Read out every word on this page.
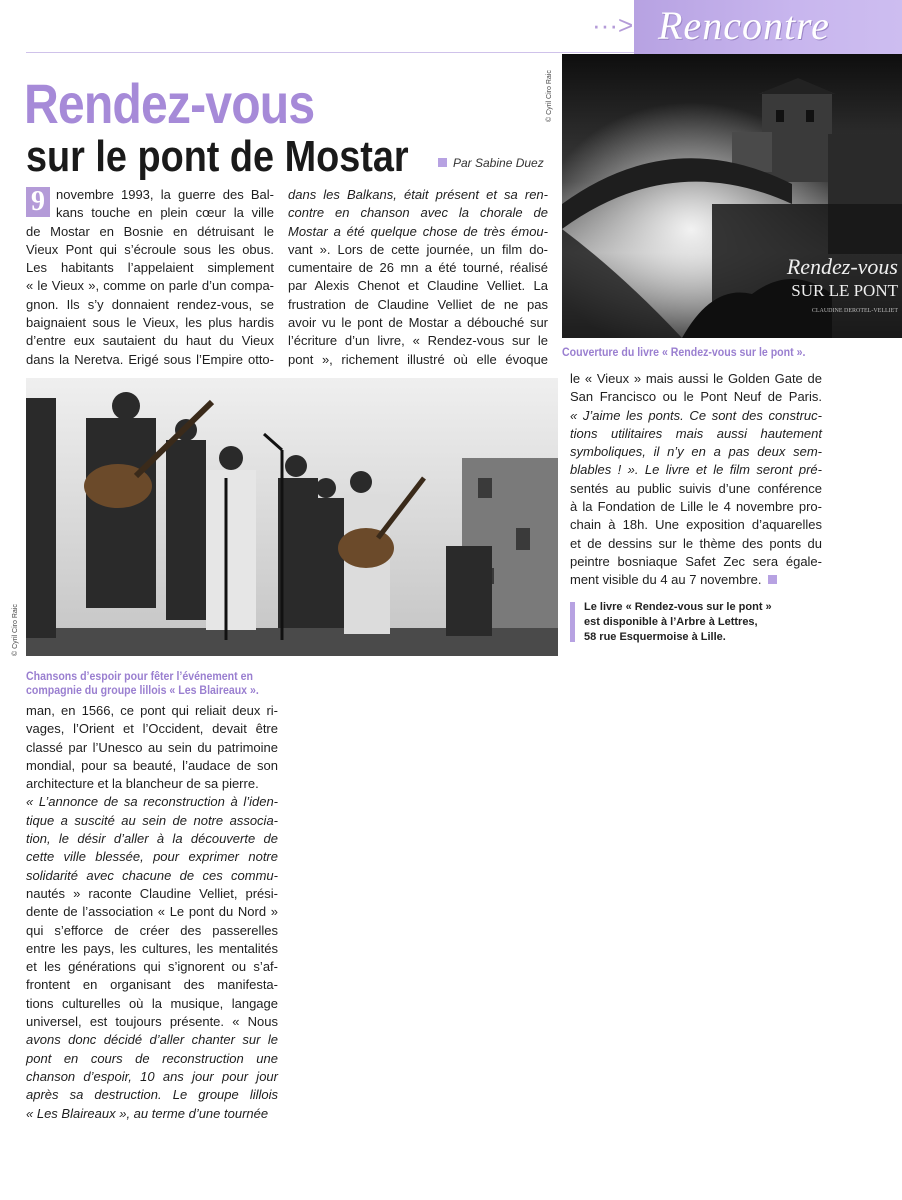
···> Rencontre
Rendez-vous
sur le pont de Mostar	Par Sabine Duez
9 novembre 1993, la guerre des Bal-
kans touche en plein cœur la ville
de Mostar en Bosnie en détruisant le
Vieux Pont qui s’écroule sous les obus.
Les habitants l’appelaient simplement
« le Vieux », comme on parle d’un compa-
gnon. Ils s’y donnaient rendez-vous, se
baignaient sous le Vieux, les plus hardis
d’entre eux sautaient du haut du Vieux
dans la Neretva. Erigé sous l’Empire otto-
dans les Balkans, était présent et sa ren-
contre en chanson avec la chorale de
Mostar a été quelque chose de très émou-
vant ». Lors de cette journée, un film do-
cumentaire de 26 mn a été tourné, réalisé
par Alexis Chenot et Claudine Velliet. La
frustration de Claudine Velliet de ne pas
avoir vu le pont de Mostar a débouché sur
l’écriture d’un livre, « Rendez-vous sur le
pont », richement illustré où elle évoque
man, en 1566, ce pont qui reliait deux ri-
vages, l’Orient et l’Occident, devait être
classé par l’Unesco au sein du patrimoine
mondial, pour sa beauté, l’audace de son
architecture et la blancheur de sa pierre.
« L’annonce de sa reconstruction à l’iden-
tique a suscité au sein de notre associa-
tion, le désir d’aller à la découverte de
cette ville blessée, pour exprimer notre
solidarité avec chacune de ces commu-
nautés » raconte Claudine Velliet, prési-
dente de l’association « Le pont du Nord »
qui s’efforce de créer des passerelles
entre les pays, les cultures, les mentalités
et les générations qui s’ignorent ou s’af-
frontent en organisant des manifesta-
tions culturelles où la musique, langage
universel, est toujours présente. « Nous
avons donc décidé d’aller chanter sur le
pont en cours de reconstruction une
chanson d’espoir, 10 ans jour pour jour
après sa destruction. Le groupe lillois
« Les Blaireaux », au terme d’une tournée
le « Vieux » mais aussi le Golden Gate de
San Francisco ou le Pont Neuf de Paris.
« J’aime les ponts. Ce sont des construc-
tions utilitaires mais aussi hautement
symboliques, il n’y en a pas deux sem-
blables ! ». Le livre et le film seront pré-
sentés au public suivis d’une conférence
à la Fondation de Lille le 4 novembre pro-
chain à 18h. Une exposition d’aquarelles
et de dessins sur le thème des ponts du
peintre bosniaque Safet Zec sera égale-
ment visible du 4 au 7 novembre.
Rendez-vous
SUR LE PONT
CLAUDINE DEROTEL-VELLIET
© Cyril Ciro Raic
Couverture du livre « Rendez-vous sur le pont ».
© Cyril Ciro Raic
Chansons d’espoir pour fêter l’événement en
compagnie du groupe lillois « Les Blaireaux ».
Le livre « Rendez-vous sur le pont »
est disponible à l’Arbre à Lettres,
58 rue Esquermoise à Lille.
